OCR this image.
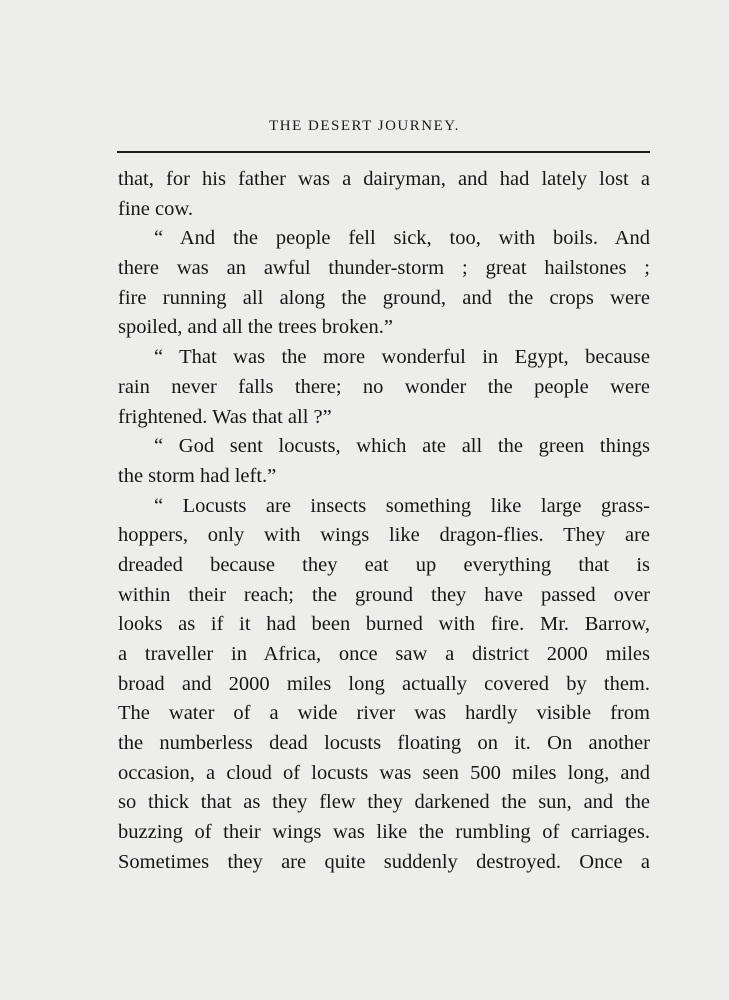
THE DESERT JOURNEY.
that, for his father was a dairyman, and had lately lost a
fine cow.
“ And the people fell sick, too, with boils. And
there was an awful thunder-storm ; great hailstones ;
fire running all along the ground, and the crops were
spoiled, and all the trees broken.”
“ That was the more wonderful in Egypt, because
rain never falls there; no wonder the people were
frightened. Was that all ?”
“ God sent locusts, which ate all the green things
the storm had left.”
“ Locusts are insects something like large grass-
hoppers, only with wings like dragon-flies. They are
dreaded because they eat up everything that is
within their reach; the ground they have passed over
looks as if it had been burned with fire. Mr. Barrow,
a traveller in Africa, once saw a district 2000 miles
broad and 2000 miles long actually covered by them.
The water of a wide river was hardly visible from
the numberless dead locusts floating on it. On another
occasion, a cloud of locusts was seen 500 miles long, and
so thick that as they flew they darkened the sun, and the
buzzing of their wings was like the rumbling of carriages.
Sometimes they are quite suddenly destroyed. Once a
